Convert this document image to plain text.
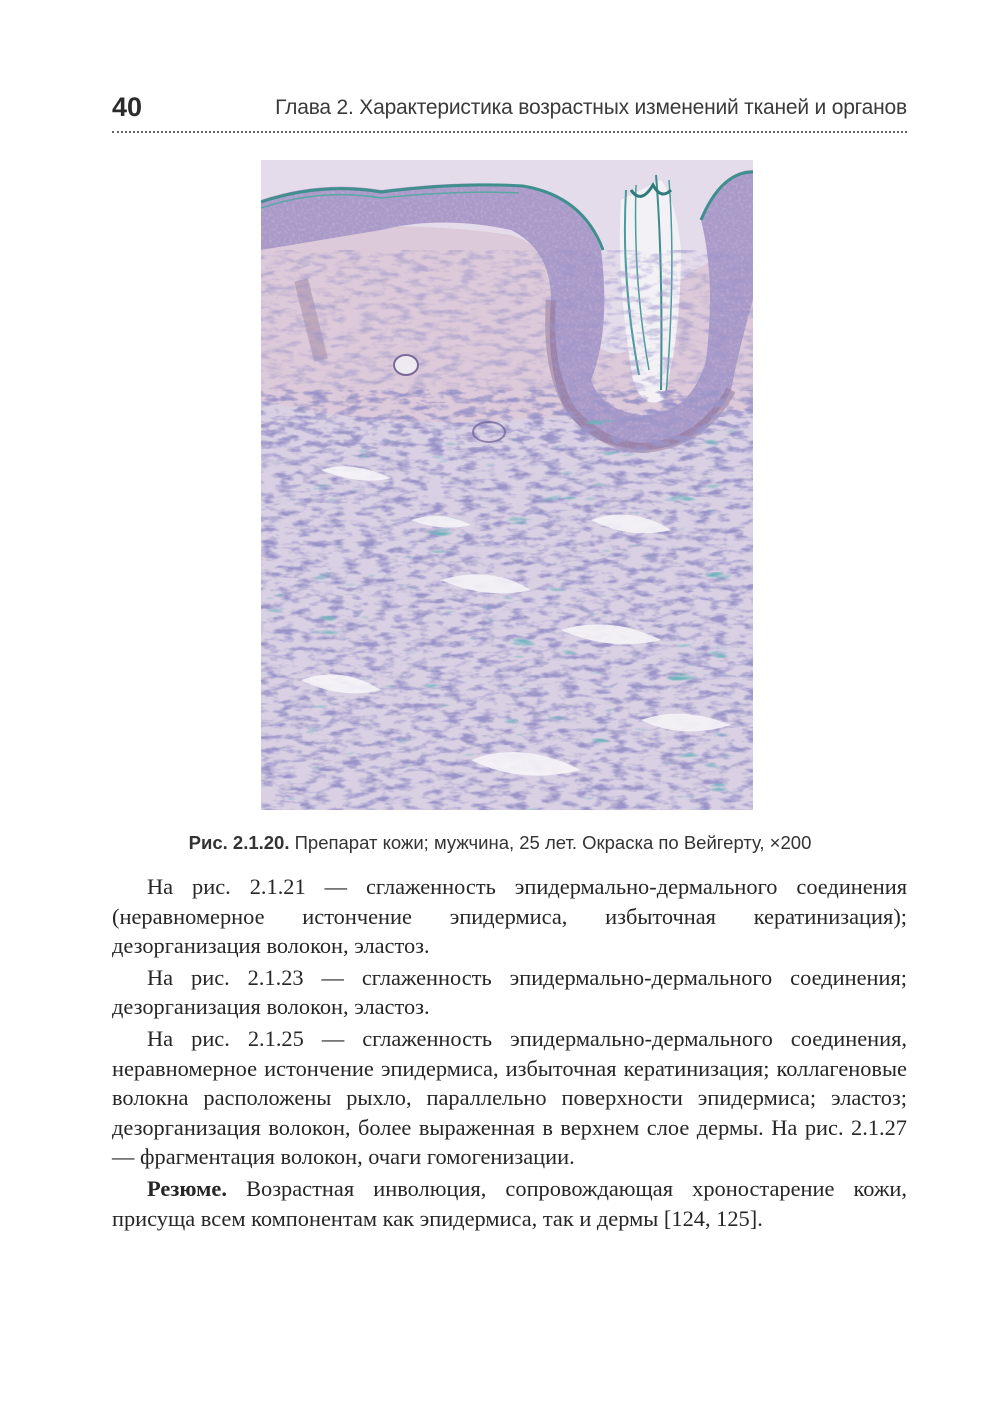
40	Глава 2. Характеристика возрастных изменений тканей и органов
Рис. 2.1.20. Препарат кожи; мужчина, 25 лет. Окраска по Вейгерту, ×200

На рис. 2.1.21 — сглаженность эпидермально-дермального соединения (неравномерное истончение эпидермиса, избыточная кератинизация); дезорганизация волокон, эластоз.

На рис. 2.1.23 — сглаженность эпидермально-дермального соединения; дезорганизация волокон, эластоз.

На рис. 2.1.25 — сглаженность эпидермально-дермального соединения, неравномерное истончение эпидермиса, избыточная кератинизация; коллагеновые волокна расположены рыхло, параллельно поверхности эпидермиса; эластоз; дезорганизация волокон, более выраженная в верхнем слое дермы. На рис. 2.1.27 — фрагментация волокон, очаги гомогенизации.

Резюме. Возрастная инволюция, сопровождающая хроностарение кожи, присуща всем компонентам как эпидермиса, так и дермы [124, 125].
